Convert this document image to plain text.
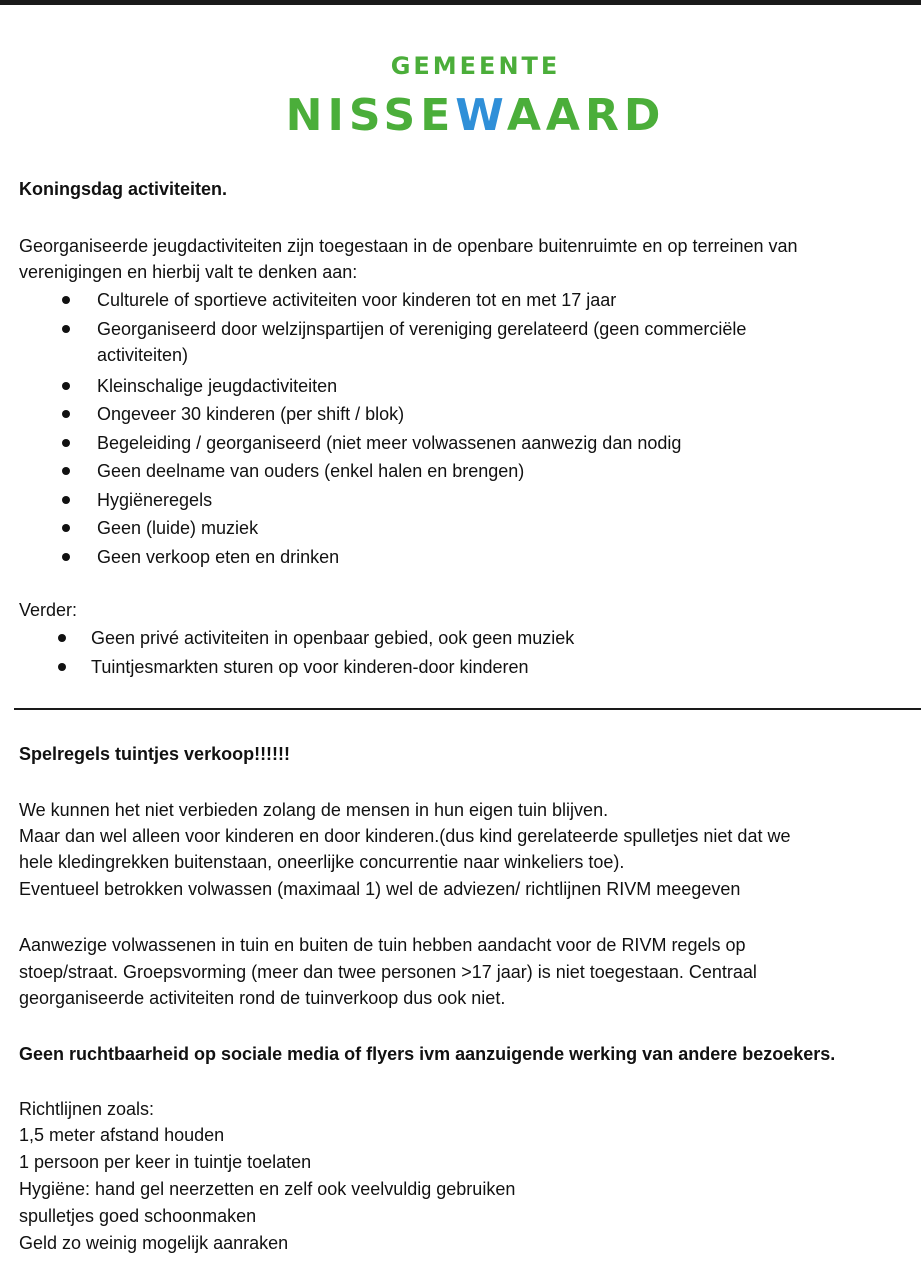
GEMEENTE
NISSEWAARD
Koningsdag activiteiten.
Georganiseerde jeugdactiviteiten zijn toegestaan in de openbare buitenruimte en op terreinen van
verenigingen en hierbij valt te denken aan:
Culturele of sportieve activiteiten voor kinderen tot en met 17 jaar
Georganiseerd door welzijnspartijen of vereniging gerelateerd (geen commerciële
activiteiten)
Kleinschalige jeugdactiviteiten
Ongeveer 30 kinderen (per shift / blok)
Begeleiding / georganiseerd (niet meer volwassenen aanwezig dan nodig
Geen deelname van ouders (enkel halen en brengen)
Hygiëneregels
Geen (luide) muziek
Geen verkoop eten en drinken
Verder:
Geen privé activiteiten in openbaar gebied, ook geen muziek
Tuintjesmarkten sturen op voor kinderen-door kinderen
Spelregels tuintjes verkoop!!!!!!
We kunnen het niet verbieden zolang de mensen in hun eigen tuin blijven.
Maar dan wel alleen voor kinderen en door kinderen.(dus kind gerelateerde spulletjes niet dat we
hele kledingrekken buitenstaan, oneerlijke concurrentie naar winkeliers toe).
Eventueel betrokken volwassen (maximaal 1) wel de adviezen/ richtlijnen RIVM meegeven
Aanwezige volwassenen in tuin en buiten de tuin hebben aandacht voor de RIVM regels op
stoep/straat. Groepsvorming (meer dan twee personen >17 jaar) is niet toegestaan. Centraal
georganiseerde activiteiten rond de tuinverkoop dus ook niet.
Geen ruchtbaarheid op sociale media of flyers ivm aanzuigende werking van andere bezoekers.
Richtlijnen zoals:
1,5 meter afstand houden
1 persoon per keer in tuintje toelaten
Hygiëne: hand gel neerzetten en zelf ook veelvuldig gebruiken
spulletjes goed schoonmaken
Geld zo weinig mogelijk aanraken
